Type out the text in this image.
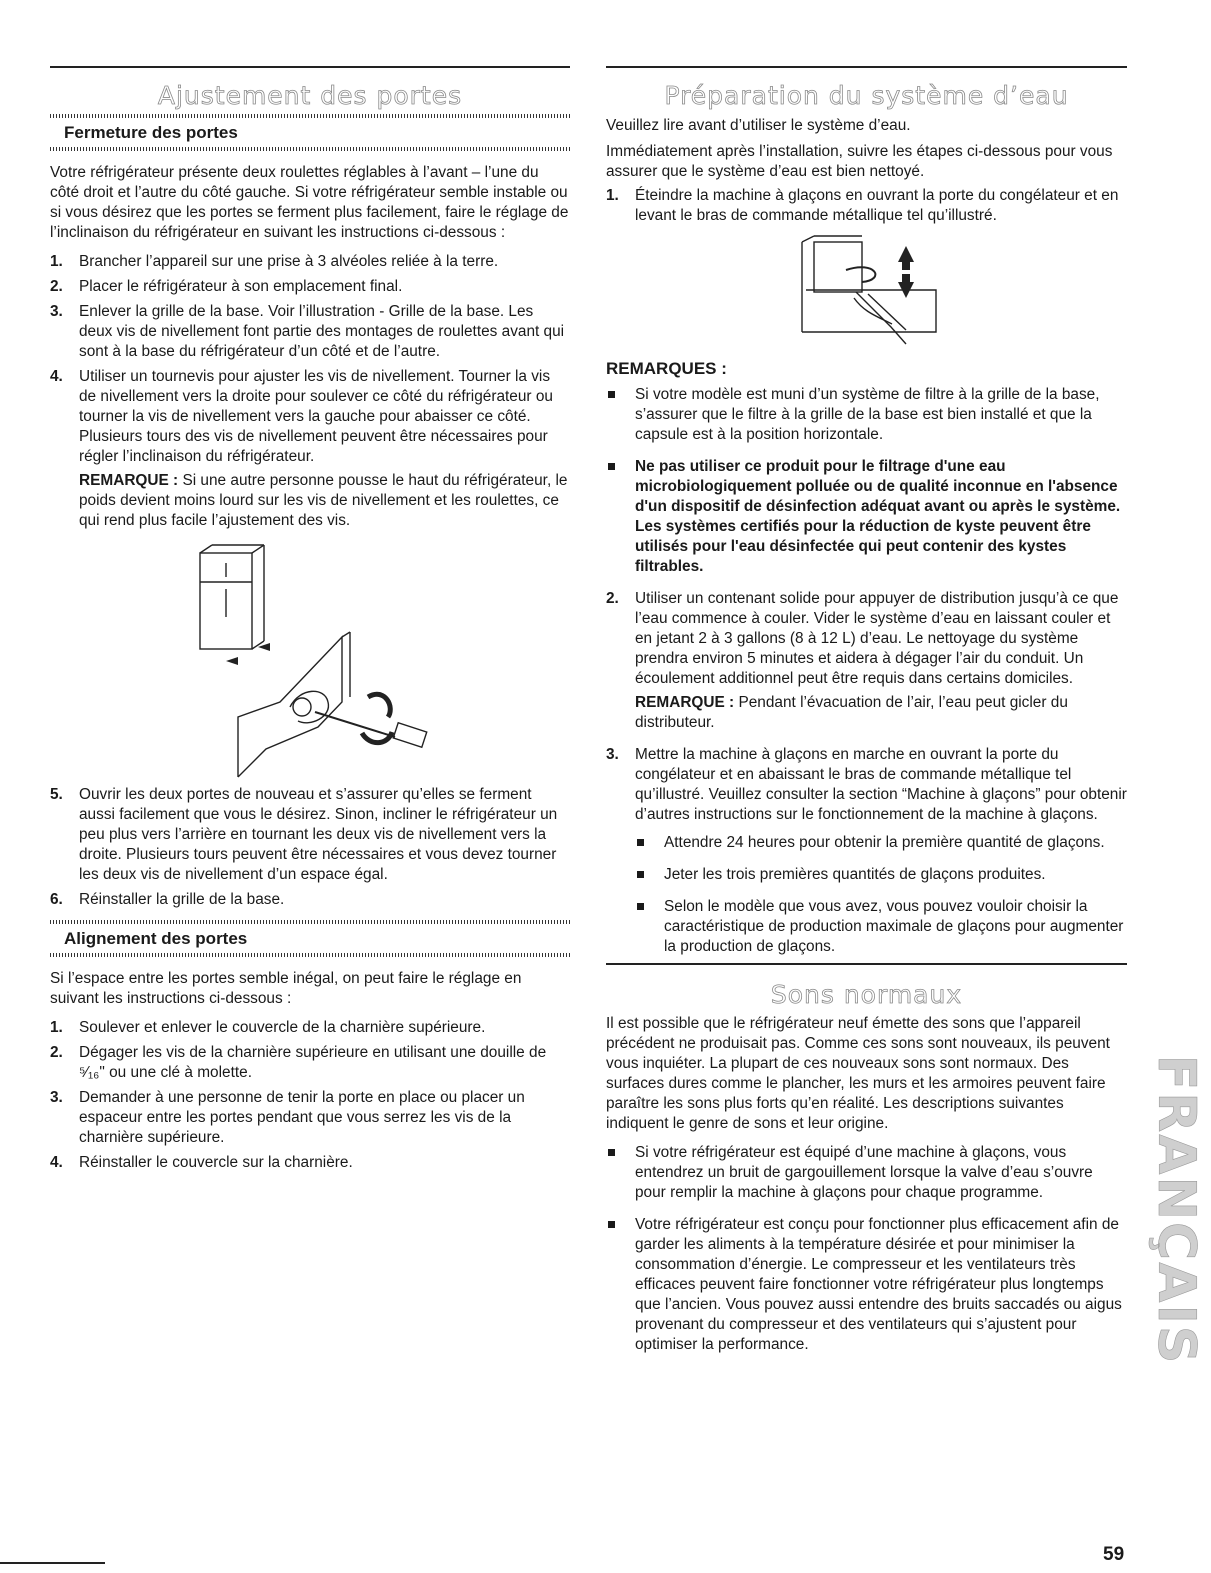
Ajustement des portes
Fermeture des portes

Votre réfrigérateur présente deux roulettes réglables à l’avant – l’une du côté droit et l’autre du côté gauche. Si votre réfrigérateur semble instable ou si vous désirez que les portes se ferment plus facilement, faire le réglage de l’inclinaison du réfrigérateur en suivant les instructions ci-dessous :

1. Brancher l’appareil sur une prise à 3 alvéoles reliée à la terre.
2. Placer le réfrigérateur à son emplacement final.
3. Enlever la grille de la base. Voir l’illustration - Grille de la base. Les deux vis de nivellement font partie des montages de roulettes avant qui sont à la base du réfrigérateur d’un côté et de l’autre.
4. Utiliser un tournevis pour ajuster les vis de nivellement. Tourner la vis de nivellement vers la droite pour soulever ce côté du réfrigérateur ou tourner la vis de nivellement vers la gauche pour abaisser ce côté. Plusieurs tours des vis de nivellement peuvent être nécessaires pour régler l’inclinaison du réfrigérateur.

REMARQUE : Si une autre personne pousse le haut du réfrigérateur, le poids devient moins lourd sur les vis de nivellement et les roulettes, ce qui rend plus facile l’ajustement des vis.

5. Ouvrir les deux portes de nouveau et s’assurer qu’elles se ferment aussi facilement que vous le désirez. Sinon, incliner le réfrigérateur un peu plus vers l’arrière en tournant les deux vis de nivellement vers la droite. Plusieurs tours peuvent être nécessaires et vous devez tourner les deux vis de nivellement d’un espace égal.
6. Réinstaller la grille de la base.
Alignement des portes

Si l’espace entre les portes semble inégal, on peut faire le réglage en suivant les instructions ci-dessous :

1. Soulever et enlever le couvercle de la charnière supérieure.
2. Dégager les vis de la charnière supérieure en utilisant une douille de ⁵⁄₁₆" ou une clé à molette.
3. Demander à une personne de tenir la porte en place ou placer un espaceur entre les portes pendant que vous serrez les vis de la charnière supérieure.
4. Réinstaller le couvercle sur la charnière.
Préparation du système d’eau

Veuillez lire avant d’utiliser le système d’eau.

Immédiatement après l’installation, suivre les étapes ci-dessous pour vous assurer que le système d’eau est bien nettoyé.

1. Éteindre la machine à glaçons en ouvrant la porte du congélateur et en levant le bras de commande métallique tel qu’illustré.
REMARQUES :
Si votre modèle est muni d’un système de filtre à la grille de la base, s’assurer que le filtre à la grille de la base est bien installé et que la capsule est à la position horizontale.
Ne pas utiliser ce produit pour le filtrage d'une eau microbiologiquement polluée ou de qualité inconnue en l'absence d'un dispositif de désinfection adéquat avant ou après le système. Les systèmes certifiés pour la réduction de kyste peuvent être utilisés pour l'eau désinfectée qui peut contenir des kystes filtrables.
2. Utiliser un contenant solide pour appuyer de distribution jusqu’à ce que l’eau commence à couler. Vider le système d’eau en laissant couler et en jetant 2 à 3 gallons (8 à 12 L) d’eau. Le nettoyage du système prendra environ 5 minutes et aidera à dégager l’air du conduit. Un écoulement additionnel peut être requis dans certains domiciles.

REMARQUE : Pendant l’évacuation de l’air, l’eau peut gicler du distributeur.

3. Mettre la machine à glaçons en marche en ouvrant la porte du congélateur et en abaissant le bras de commande métallique tel qu’illustré. Veuillez consulter la section “Machine à glaçons” pour obtenir d’autres instructions sur le fonctionnement de la machine à glaçons.
Attendre 24 heures pour obtenir la première quantité de glaçons.
Jeter les trois premières quantités de glaçons produites.
Selon le modèle que vous avez, vous pouvez vouloir choisir la caractéristique de production maximale de glaçons pour augmenter la production de glaçons.
Sons normaux

Il est possible que le réfrigérateur neuf émette des sons que l’appareil précédent ne produisait pas. Comme ces sons sont nouveaux, ils peuvent vous inquiéter. La plupart de ces nouveaux sons sont normaux. Des surfaces dures comme le plancher, les murs et les armoires peuvent faire paraître les sons plus forts qu’en réalité. Les descriptions suivantes indiquent le genre de sons et leur origine.

Si votre réfrigérateur est équipé d’une machine à glaçons, vous entendrez un bruit de gargouillement lorsque la valve d’eau s’ouvre pour remplir la machine à glaçons pour chaque programme.
Votre réfrigérateur est conçu pour fonctionner plus efficacement afin de garder les aliments à la température désirée et pour minimiser la consommation d’énergie. Le compresseur et les ventilateurs très efficaces peuvent faire fonctionner votre réfrigérateur plus longtemps que l’ancien. Vous pouvez aussi entendre des bruits saccadés ou aigus provenant du compresseur et des ventilateurs qui s’ajustent pour optimiser la performance.	FRANÇAIS
59
